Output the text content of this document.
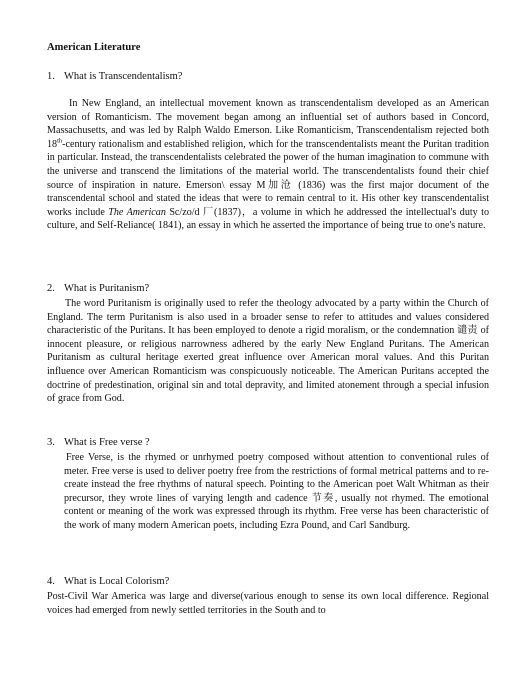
American Literature

1. What is Transcendentalism?

In New England, an intellectual movement known as transcendentalism developed as an American version of Romanticism. The movement began among an influential set of authors based in Concord, Massachusetts, and was led by Ralph Waldo Emerson. Like Romanticism, Transcendentalism rejected both 18th-century rationalism and established religion, which for the transcendentalists meant the Puritan tradition in particular. Instead, the transcendentalists celebrated the power of the human imagination to commune with the universe and transcend the limitations of the material world. The transcendentalists found their chief source of inspiration in nature. Emerson\ essay M加沧 (1836) was the first major document of the transcendental school and stated the ideas that were to remain central to it. His other key transcendentalist works include The American Sc/zo/d 厂(1837)，a volume in which he addressed the intellectual's duty to culture, and Self-Reliance( 1841), an essay in which he asserted the importance of being true to one's nature.

2. What is Puritanism?

The word Puritanism is originally used to refer the theology advocated by a party within the Church of England. The term Puritanism is also used in a broader sense to refer to attitudes and values considered characteristic of the Puritans. It has been employed to denote a rigid moralism, or the condemnation 谴责 of innocent pleasure, or religious narrowness adhered by the early New England Puritans. The American Puritanism as cultural heritage exerted great influence over American moral values. And this Puritan influence over American Romanticism was conspicuously noticeable. The American Puritans accepted the doctrine of predestination, original sin and total depravity, and limited atonement through a special infusion of grace from God.

3. What is Free verse ?

Free Verse, is the rhymed or unrhymed poetry composed without attention to conventional rules of meter. Free verse is used to deliver poetry free from the restrictions of formal metrical patterns and to re-create instead the free rhythms of natural speech. Pointing to the American poet Walt Whitman as their precursor, they wrote lines of varying length and cadence 节奏, usually not rhymed. The emotional content or meaning of the work was expressed through its rhythm. Free verse has been characteristic of the work of many modern American poets, including Ezra Pound, and Carl Sandburg.

4. What is Local Colorism?

Post-Civil War America was large and diverse(various enough to sense its own local difference. Regional voices had emerged from newly settled territories in the South and to
